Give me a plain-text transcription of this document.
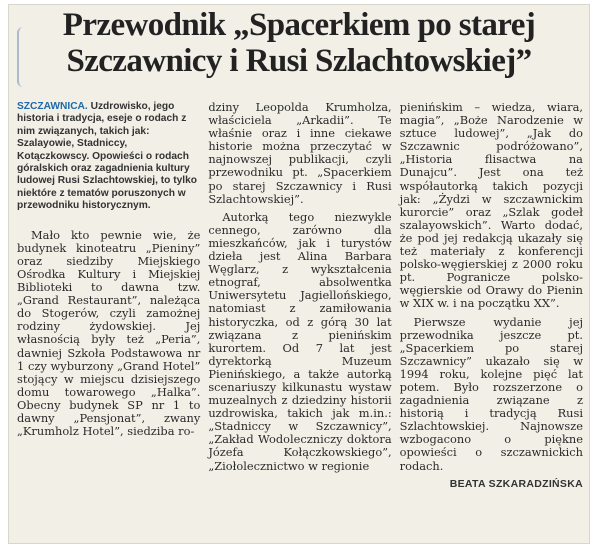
Przewodnik „Spacerkiem po starej
Szczawnicy i Rusi Szlachtowskiej”
SZCZAWNICA. Uzdrowisko, jego historia i tradycja, eseje o rodach z nim związanych, takich jak: Szalayowie, Stadniccy, Kotączkowscy. Opowieści o rodach góralskich oraz zagadnienia kultury ludowej Rusi Szlachtowskiej, to tylko niektóre z tematów poruszonych w przewodniku historycznym.

Mało kto pewnie wie, że budynek kinoteatru „Pieniny” oraz siedziby Miejskiego Ośrodka Kultury i Miejskiej Biblioteki to dawna tzw. „Grand Restaurant”, należąca do Stogerów, czyli zamożnej rodziny żydowskiej. Jej własnością były też „Peria”, dawniej Szkoła Podstawowa nr 1 czy wyburzony „Grand Hotel” stojący w miejscu dzisiejszego domu towarowego „Halka”. Obecny budynek SP nr 1 to dawny „Pensjonat”, zwany „Krumholz Hotel”, siedziba ro-

dziny Leopolda Krumholza, właściciela „Arkadii”. Te właśnie oraz i inne ciekawe historie można przeczytać w najnowszej publikacji, czyli przewodniku pt. „Spacerkiem po starej Szczawnicy i Rusi Szlachtowskiej”.

Autorką tego niezwykle cennego, zarówno dla mieszkańców, jak i turystów dzieła jest Alina Barbara Węglarz, z wykształcenia etnograf, absolwentka Uniwersytetu Jagiellońskiego, natomiast z zamiłowania historyczka, od z górą 30 lat związana z pienińskim kurortem. Od 7 lat jest dyrektorką Muzeum Pienińskiego, a także autorką scenariuszy kilkunastu wystaw muzealnych z dziedziny historii uzdrowiska, takich jak m.in.: „Stadniccy w Szczawnicy”, „Zakład Wodoleczniczy doktora Józefa Kołączkowskiego”, „Ziołolecznictwo w regionie

pienińskim – wiedza, wiara, magia”, „Boże Narodzenie w sztuce ludowej”, „Jak do Szczawnic podróżowano”, „Historia flisactwa na Dunajcu”. Jest ona też współautorką takich pozycji jak: „Żydzi w szczawnickim kurorcie” oraz „Szlak godeł szalayowskich”. Warto dodać, że pod jej redakcją ukazały się też materiały z konferencji polsko-węgierskiej z 2000 roku pt. Pogranicze polsko-węgierskie od Orawy do Pienin w XIX w. i na początku XX”.

Pierwsze wydanie jej przewodnika jeszcze pt. „Spacerkiem po starej Szczawnicy” ukazało się w 1994 roku, kolejne pięć lat potem. Było rozszerzone o zagadnienia związane z historią i tradycją Rusi Szlachtowskiej. Najnowsze wzbogacono o piękne opowieści o szczawnickich rodach.

BEATA SZKARADZIŃSKA
